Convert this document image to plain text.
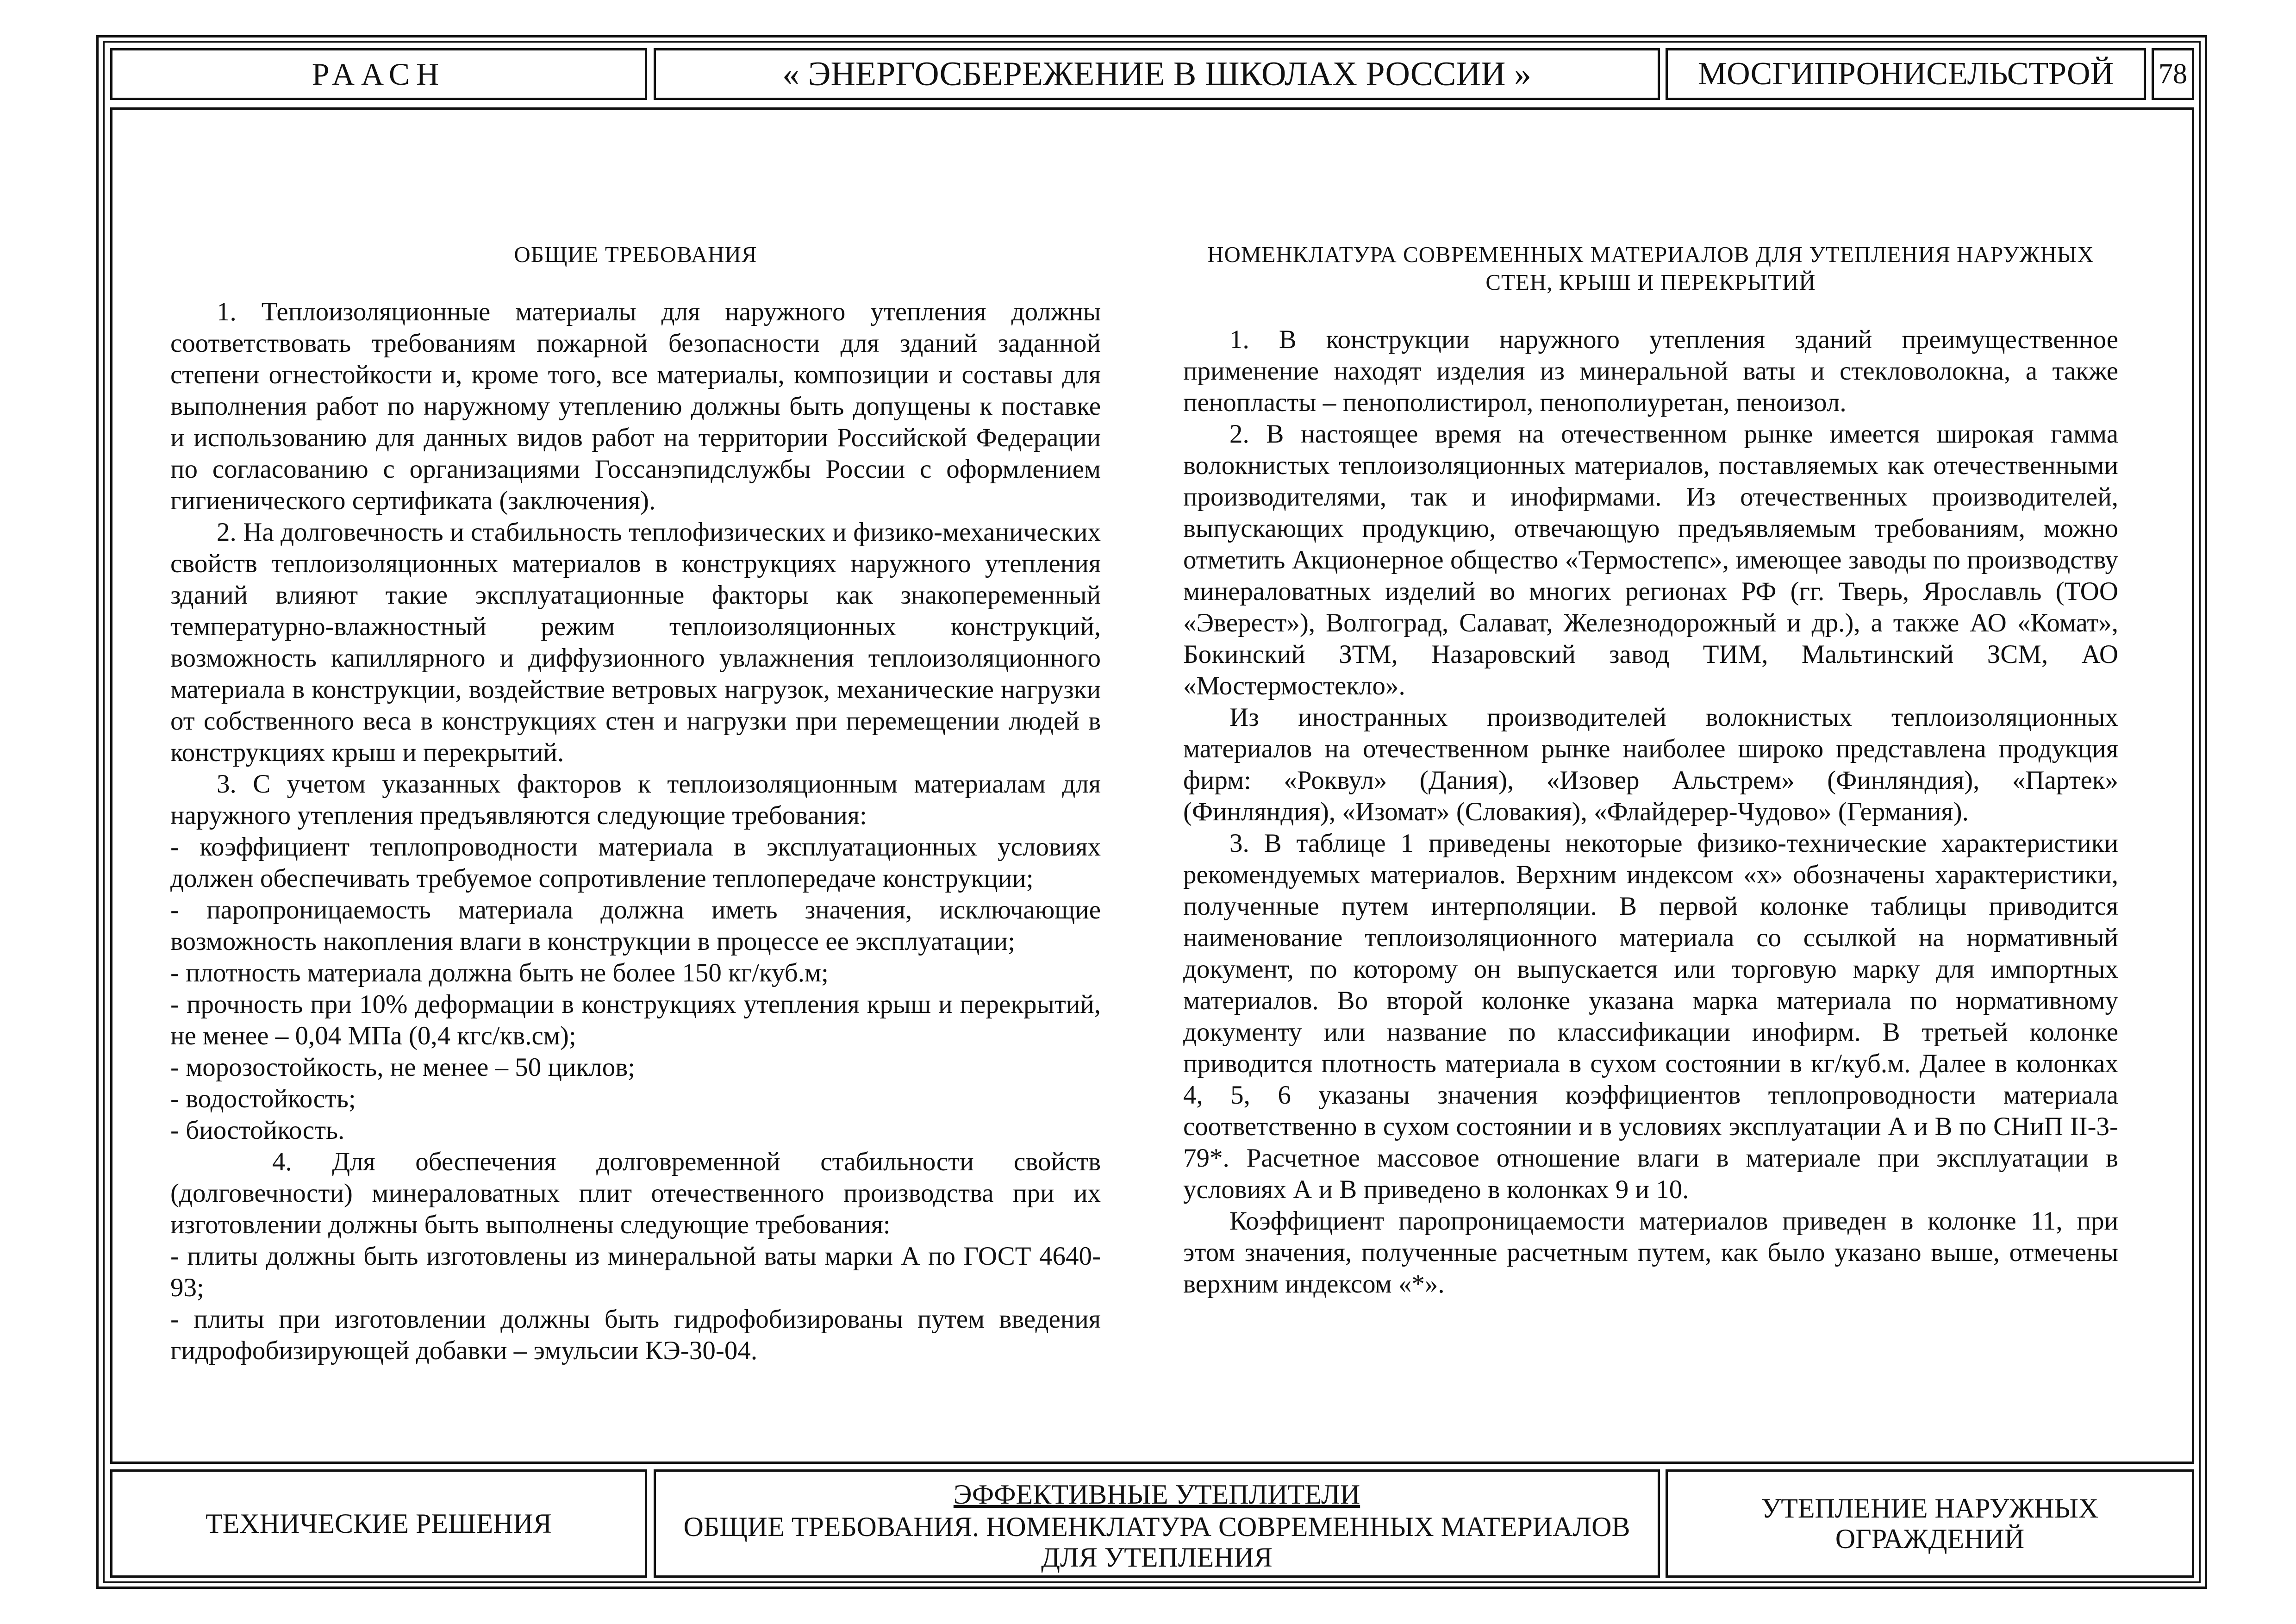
РААСН	« ЭНЕРГОСБЕРЕЖЕНИЕ В ШКОЛАХ РОССИИ »	МОСГИПРОНИСЕЛЬСТРОЙ	78
ОБЩИЕ ТРЕБОВАНИЯ

1. Теплоизоляционные материалы для наружного утепления должны соответствовать требованиям пожарной безопасности для зданий заданной степени огнестойкости и, кроме того, все материалы, композиции и составы для выполнения работ по наружному утеплению должны быть допущены к поставке и использованию для данных видов работ на территории Российской Федерации по согласованию с организациями Госсанэпидслужбы России с оформлением гигиенического сертификата (заключения).

2. На долговечность и стабильность теплофизических и физико-механических свойств теплоизоляционных материалов в конструкциях наружного утепления зданий влияют такие эксплуатационные факторы как знакопеременный температурно-влажностный режим теплоизоляционных конструкций, возможность капиллярного и диффузионного увлажнения теплоизоляционного материала в конструкции, воздействие ветровых нагрузок, механические нагрузки от собственного веса в конструкциях стен и нагрузки при перемещении людей в конструкциях крыш и перекрытий.

3. С учетом указанных факторов к теплоизоляционным материалам для наружного утепления предъявляются следующие требования:

- коэффициент теплопроводности материала в эксплуатационных условиях должен обеспечивать требуемое сопротивление теплопередаче конструкции;

- паропроницаемость материала должна иметь значения, исключающие возможность накопления влаги в конструкции в процессе ее эксплуатации;

- плотность материала должна быть не более 150 кг/куб.м;

- прочность при 10% деформации в конструкциях утепления крыш и перекрытий, не менее – 0,04 МПа (0,4 кгс/кв.см);

- морозостойкость, не менее – 50 циклов;

- водостойкость;

- биостойкость.

4. Для обеспечения долговременной стабильности свойств (долговечности) минераловатных плит отечественного производства при их изготовлении должны быть выполнены следующие требования:

- плиты должны быть изготовлены из минеральной ваты марки А по ГОСТ 4640-93;

- плиты при изготовлении должны быть гидрофобизированы путем введения гидрофобизирующей добавки – эмульсии КЭ-30-04.

НОМЕНКЛАТУРА СОВРЕМЕННЫХ МАТЕРИАЛОВ ДЛЯ УТЕПЛЕНИЯ НАРУЖНЫХ СТЕН, КРЫШ И ПЕРЕКРЫТИЙ

1. В конструкции наружного утепления зданий преимущественное применение находят изделия из минеральной ваты и стекловолокна, а также пенопласты – пенополистирол, пенополиуретан, пеноизол.

2. В настоящее время на отечественном рынке имеется широкая гамма волокнистых теплоизоляционных материалов, поставляемых как отечественными производителями, так и инофирмами. Из отечественных производителей, выпускающих продукцию, отвечающую предъявляемым требованиям, можно отметить Акционерное общество «Термостепс», имеющее заводы по производству минераловатных изделий во многих регионах РФ (гг. Тверь, Ярославль (ТОО «Эверест»), Волгоград, Салават, Железнодорожный и др.), а также АО «Комат», Бокинский ЗТМ, Назаровский завод ТИМ, Мальтинский ЗСМ, АО «Мостермостекло».

Из иностранных производителей волокнистых теплоизоляционных материалов на отечественном рынке наиболее широко представлена продукция фирм: «Роквул» (Дания), «Изовер Альстрем» (Финляндия), «Партек» (Финляндия), «Изомат» (Словакия), «Флайдерер-Чудово» (Германия).

3. В таблице 1 приведены некоторые физико-технические характеристики рекомендуемых материалов. Верхним индексом «х» обозначены характеристики, полученные путем интерполяции. В первой колонке таблицы приводится наименование теплоизоляционного материала со ссылкой на нормативный документ, по которому он выпускается или торговую марку для импортных материалов. Во второй колонке указана марка материала по нормативному документу или название по классификации инофирм. В третьей колонке приводится плотность материала в сухом состоянии в кг/куб.м. Далее в колонках 4, 5, 6 указаны значения коэффициентов теплопроводности материала соответственно в сухом состоянии и в условиях эксплуатации А и В по СНиП II-3-79*. Расчетное массовое отношение влаги в материале при эксплуатации в условиях А и В приведено в колонках 9 и 10.

Коэффициент паропроницаемости материалов приведен в колонке 11, при этом значения, полученные расчетным путем, как было указано выше, отмечены верхним индексом «*».

ТЕХНИЧЕСКИЕ РЕШЕНИЯ
ЭФФЕКТИВНЫЕ УТЕПЛИТЕЛИ
ОБЩИЕ ТРЕБОВАНИЯ. НОМЕНКЛАТУРА СОВРЕМЕННЫХ МАТЕРИАЛОВ ДЛЯ УТЕПЛЕНИЯ
УТЕПЛЕНИЕ НАРУЖНЫХ ОГРАЖДЕНИЙ
